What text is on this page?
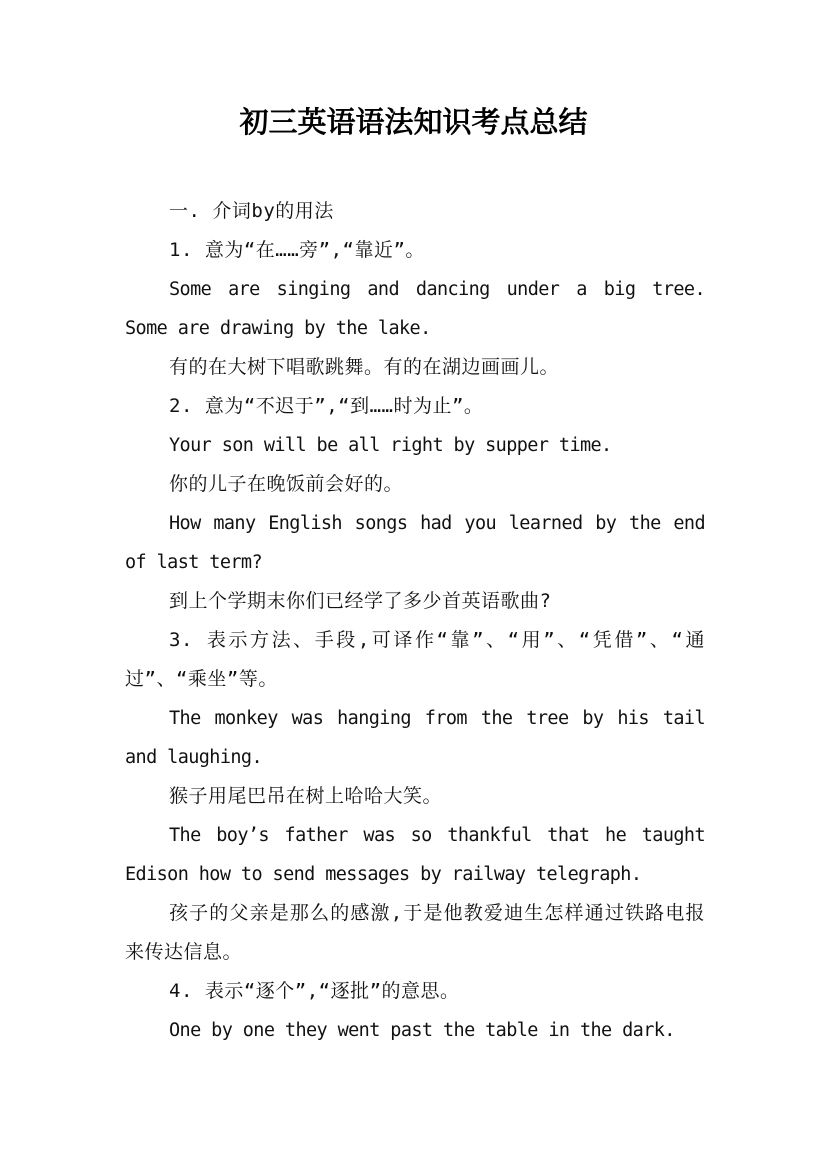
初三英语语法知识考点总结

一. 介词by的用法

1. 意为“在……旁”,“靠近”。

Some are singing and dancing under a big tree. Some are drawing by the lake.

有的在大树下唱歌跳舞。有的在湖边画画儿。

2. 意为“不迟于”,“到……时为止”。

Your son will be all right by supper time.

你的儿子在晚饭前会好的。

How many English songs had you learned by the end of last term?

到上个学期末你们已经学了多少首英语歌曲?

3. 表示方法、手段,可译作“靠”、“用”、“凭借”、“通过”、“乘坐”等。

The monkey was hanging from the tree by his tail and laughing.

猴子用尾巴吊在树上哈哈大笑。

The boy’s father was so thankful that he taught Edison how to send messages by railway telegraph.

孩子的父亲是那么的感激,于是他教爱迪生怎样通过铁路电报来传达信息。

4. 表示“逐个”,“逐批”的意思。

One by one they went past the table in the dark.
